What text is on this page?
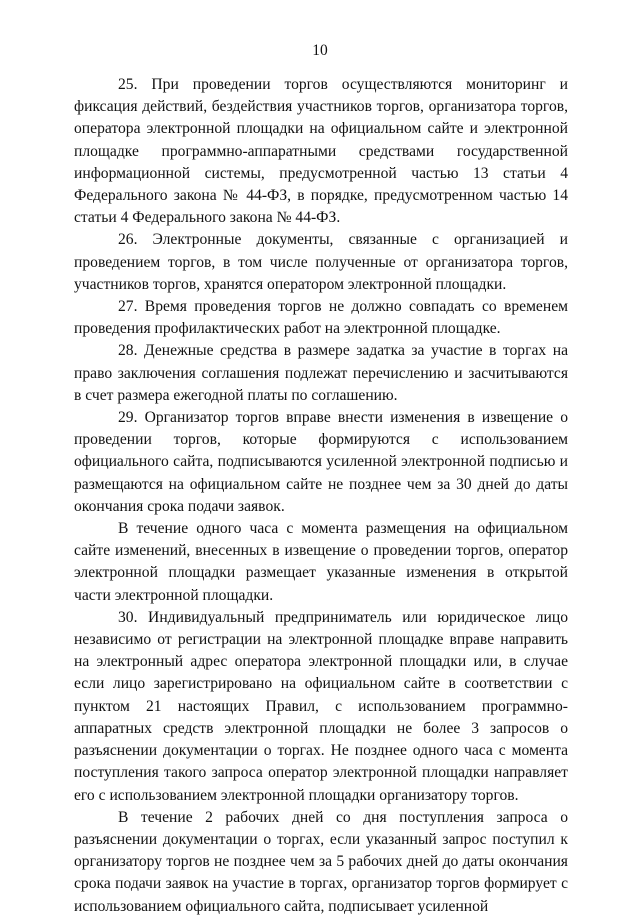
10

25. При проведении торгов осуществляются мониторинг и фиксация действий, бездействия участников торгов, организатора торгов, оператора электронной площадки на официальном сайте и электронной площадке программно-аппаратными средствами государственной информационной системы, предусмотренной частью 13 статьи 4 Федерального закона № 44-ФЗ, в порядке, предусмотренном частью 14 статьи 4 Федерального закона № 44-ФЗ.

26. Электронные документы, связанные с организацией и проведением торгов, в том числе полученные от организатора торгов, участников торгов, хранятся оператором электронной площадки.

27. Время проведения торгов не должно совпадать со временем проведения профилактических работ на электронной площадке.

28. Денежные средства в размере задатка за участие в торгах на право заключения соглашения подлежат перечислению и засчитываются в счет размера ежегодной платы по соглашению.

29. Организатор торгов вправе внести изменения в извещение о проведении торгов, которые формируются с использованием официального сайта, подписываются усиленной электронной подписью и размещаются на официальном сайте не позднее чем за 30 дней до даты окончания срока подачи заявок.

В течение одного часа с момента размещения на официальном сайте изменений, внесенных в извещение о проведении торгов, оператор электронной площадки размещает указанные изменения в открытой части электронной площадки.

30. Индивидуальный предприниматель или юридическое лицо независимо от регистрации на электронной площадке вправе направить на электронный адрес оператора электронной площадки или, в случае если лицо зарегистрировано на официальном сайте в соответствии с пунктом 21 настоящих Правил, с использованием программно-аппаратных средств электронной площадки не более 3 запросов о разъяснении документации о торгах. Не позднее одного часа с момента поступления такого запроса оператор электронной площадки направляет его с использованием электронной площадки организатору торгов.

В течение 2 рабочих дней со дня поступления запроса о разъяснении документации о торгах, если указанный запрос поступил к организатору торгов не позднее чем за 5 рабочих дней до даты окончания срока подачи заявок на участие в торгах, организатор торгов формирует с использованием официального сайта, подписывает усиленной
